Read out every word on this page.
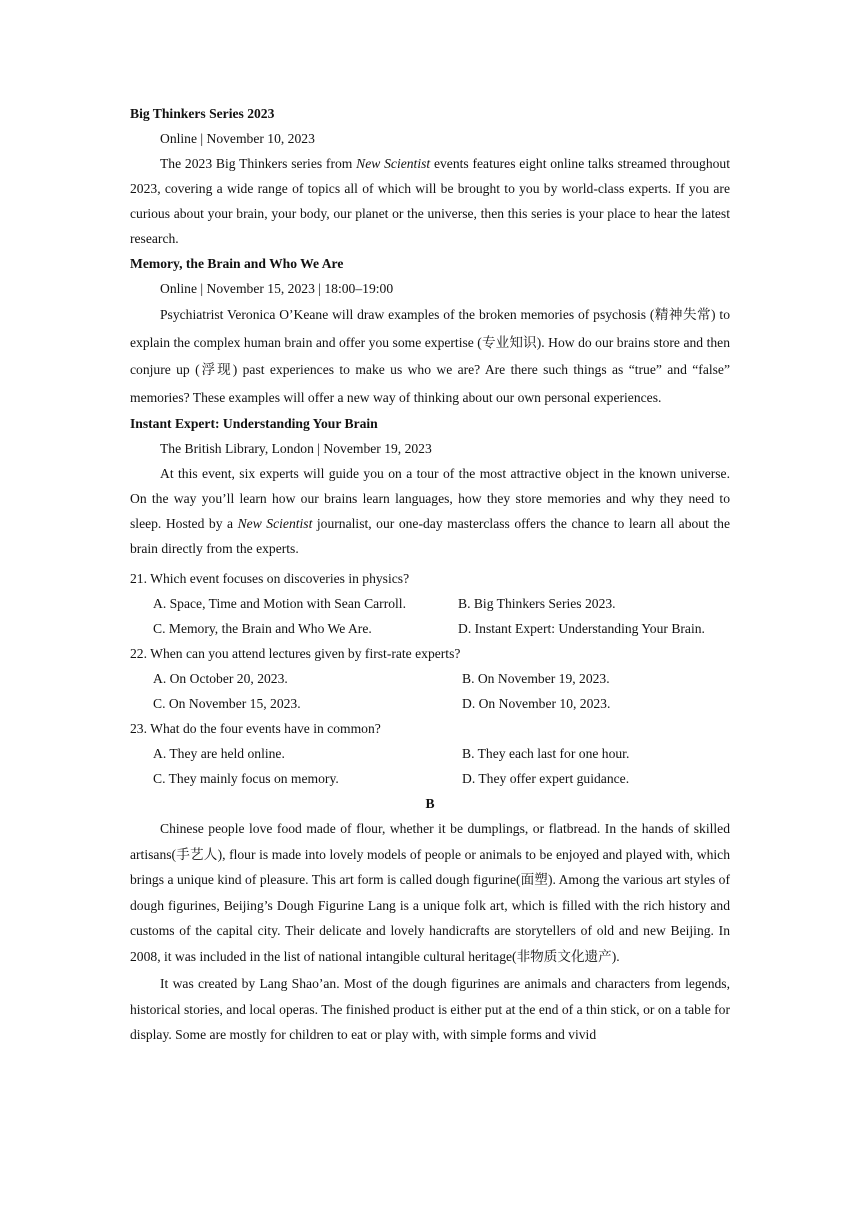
Big Thinkers Series 2023

Online | November 10, 2023

The 2023 Big Thinkers series from New Scientist events features eight online talks streamed throughout 2023, covering a wide range of topics all of which will be brought to you by world-class experts. If you are curious about your brain, your body, our planet or the universe, then this series is your place to hear the latest research.

Memory, the Brain and Who We Are

Online | November 15, 2023 | 18:00–19:00

Psychiatrist Veronica O’Keane will draw examples of the broken memories of psychosis (精神失常) to explain the complex human brain and offer you some expertise (专业知识). How do our brains store and then conjure up (浮现) past experiences to make us who we are? Are there such things as “true” and “false” memories? These examples will offer a new way of thinking about our own personal experiences.

Instant Expert: Understanding Your Brain

The British Library, London | November 19, 2023

At this event, six experts will guide you on a tour of the most attractive object in the known universe. On the way you’ll learn how our brains learn languages, how they store memories and why they need to sleep. Hosted by a New Scientist journalist, our one-day masterclass offers the chance to learn all about the brain directly from the experts.

21. Which event focuses on discoveries in physics?

A. Space, Time and Motion with Sean Carroll.	B. Big Thinkers Series 2023.
C. Memory, the Brain and Who We Are.	D. Instant Expert: Understanding Your Brain.

22. When can you attend lectures given by first-rate experts?

A. On October 20, 2023.	B. On November 19, 2023.
C. On November 15, 2023.	D. On November 10, 2023.

23. What do the four events have in common?

A. They are held online.	B. They each last for one hour.
C. They mainly focus on memory.	D. They offer expert guidance.

B

Chinese people love food made of flour, whether it be dumplings, or flatbread. In the hands of skilled artisans(手艺人), flour is made into lovely models of people or animals to be enjoyed and played with, which brings a unique kind of pleasure. This art form is called dough figurine(面塑). Among the various art styles of dough figurines, Beijing’s Dough Figurine Lang is a unique folk art, which is filled with the rich history and customs of the capital city. Their delicate and lovely handicrafts are storytellers of old and new Beijing. In 2008, it was included in the list of national intangible cultural heritage(非物质文化遗产).

It was created by Lang Shao’an. Most of the dough figurines are animals and characters from legends, historical stories, and local operas. The finished product is either put at the end of a thin stick, or on a table for display. Some are mostly for children to eat or play with, with simple forms and vivid
